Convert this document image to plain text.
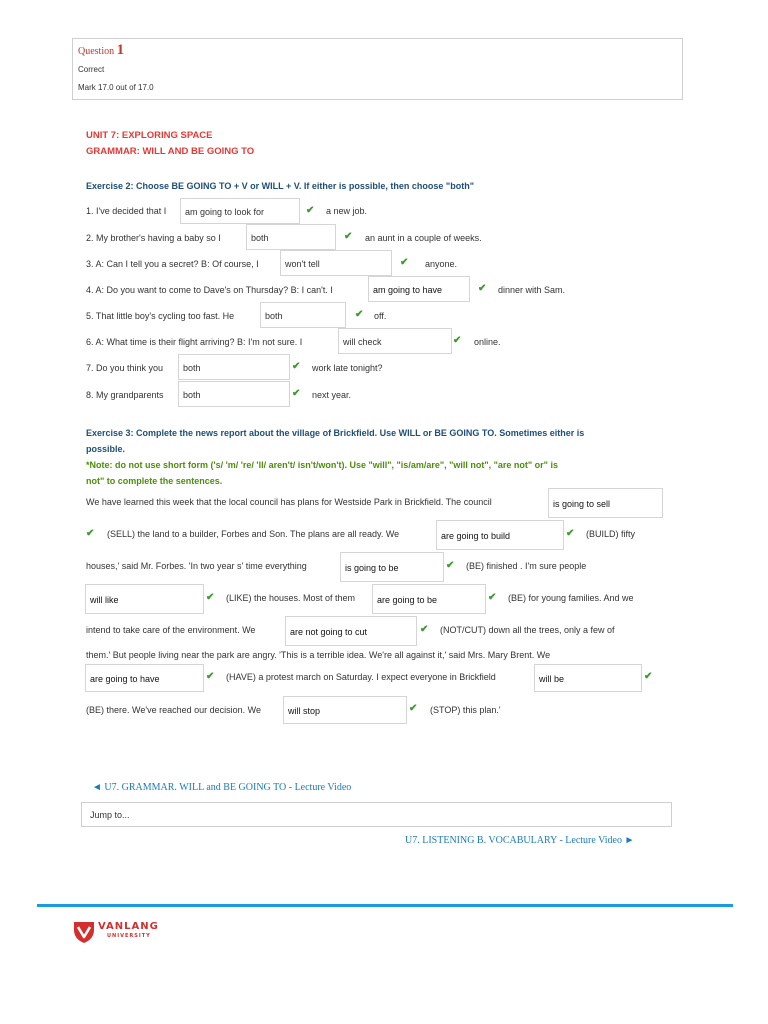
Question 1
Correct
Mark 17.0 out of 17.0
UNIT 7: EXPLORING SPACE
GRAMMAR: WILL AND BE GOING TO
Exercise 2: Choose BE GOING TO + V or WILL + V. If either is possible, then choose "both"
1. I've decided that I	am going to look for	✔ a new job.
2. My brother's having a baby so I	both	✔ an aunt in a couple of weeks.
3. A: Can I tell you a secret? B: Of course, I	won't tell	✔ anyone.
4. A: Do you want to come to Dave's on Thursday? B: I can't. I	am going to have	✔ dinner with Sam.
5. That little boy's cycling too fast. He	both	✔ off.
6. A: What time is their flight arriving? B: I'm not sure. I	will check	✔ online.
7. Do you think you	both	✔ work late tonight?
8. My grandparents	both	✔ next year.
Exercise 3: Complete the news report about the village of Brickfield. Use WILL or BE GOING TO. Sometimes either is
possible.
*Note: do not use short form ('s/ 'm/ 're/ 'll/ aren't/ isn't/won't). Use "will", "is/am/are", "will not", "are not" or" is
not" to complete the sentences.
We have learned this week that the local council has plans for Westside Park in Brickfield. The council	is going to sell
✔ (SELL) the land to a builder, Forbes and Son. The plans are all ready. We	are going to build	✔ (BUILD) fifty
houses,' said Mr. Forbes. 'In two year s' time everything	is going to be	✔ (BE) finished . I'm sure people
will like	✔ (LIKE) the houses. Most of them	are going to be	✔ (BE) for young families. And we
intend to take care of the environment. We	are not going to cut	✔ (NOT/CUT) down all the trees, only a few of
them.' But people living near the park are angry. 'This is a terrible idea. We're all against it,' said Mrs. Mary Brent. We
are going to have	✔ (HAVE) a protest march on Saturday. I expect everyone in Brickfield	will be	✔
(BE) there. We've reached our decision. We	will stop	✔ (STOP) this plan.'
◄ U7. GRAMMAR. WILL and BE GOING TO - Lecture Video
Jump to...
U7. LISTENING B. VOCABULARY - Lecture Video ►
VANLANG
UNIVERSITY
